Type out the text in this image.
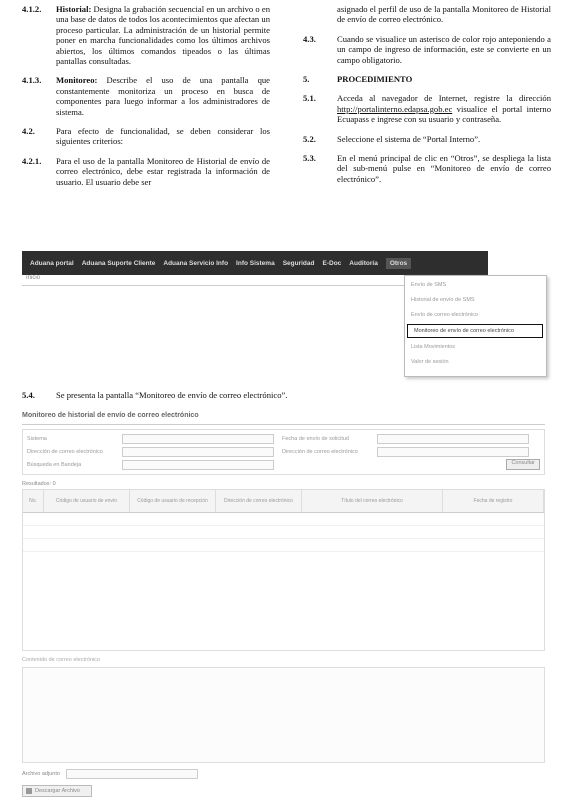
4.1.2.	Historial: Designa la grabación secuencial en un archivo o en una base de datos de todos los acontecimientos que afectan un proceso particular. La administración de un historial permite poner en marcha funcionalidades como los últimos archivos abiertos, los últimos comandos tipeados o las últimas pantallas consultadas.
4.1.3.	Monitoreo: Describe el uso de una pantalla que constantemente monitoriza un proceso en busca de componentes para luego informar a los administradores de sistema.
4.2.	Para efecto de funcionalidad, se deben considerar los siguientes criterios:
4.2.1.	Para el uso de la pantalla Monitoreo de Historial de envío de correo electrónico, debe estar registrada la información de usuario. El usuario debe ser
asignado el perfil de uso de la pantalla Monitoreo de Historial de envío de correo electrónico.
4.3.	Cuando se visualice un asterisco de color rojo anteponiendo a un campo de ingreso de información, este se convierte en un campo obligatorio.
5.	PROCEDIMIENTO
5.1.	Acceda al navegador de Internet, registre la dirección http://portalinterno.edapsa.gob.ec visualice el portal interno Ecuapass e ingrese con su usuario y contraseña.
5.2.	Seleccione el sistema de “Portal Interno”.
5.3.	En el menú principal de clic en “Otros”, se despliega la lista del sub-menú pulse en “Monitoreo de envío de correo electrónico”.
Aduana portal Aduana Suporte Cliente Aduana Servicio Info Info Sistema Seguridad E-Doc Auditoría	Otros
Inicio
Envío de SMS
Historial de envío de SMS
Envío de correo electrónico
Monitoreo de envío de correo electrónico
Lista Movimientos
Valor de sesión
5.4.	Se presenta la pantalla “Monitoreo de envío de correo electrónico”.
Monitoreo de historial de envío de correo electrónico
Sistema	Fecha de envío de solicitud
Dirección de correo electrónico	Dirección de correo electrónico
Búsqueda en Bandeja	Consultar
Resultados: 0
No.	Código de usuario de envío	Código de usuario de recepción	Dirección de correo electrónico	Título del correo electrónico	Fecha de registro
Contenido de correo electrónico
Archivo adjunto
Descargar Archivo
